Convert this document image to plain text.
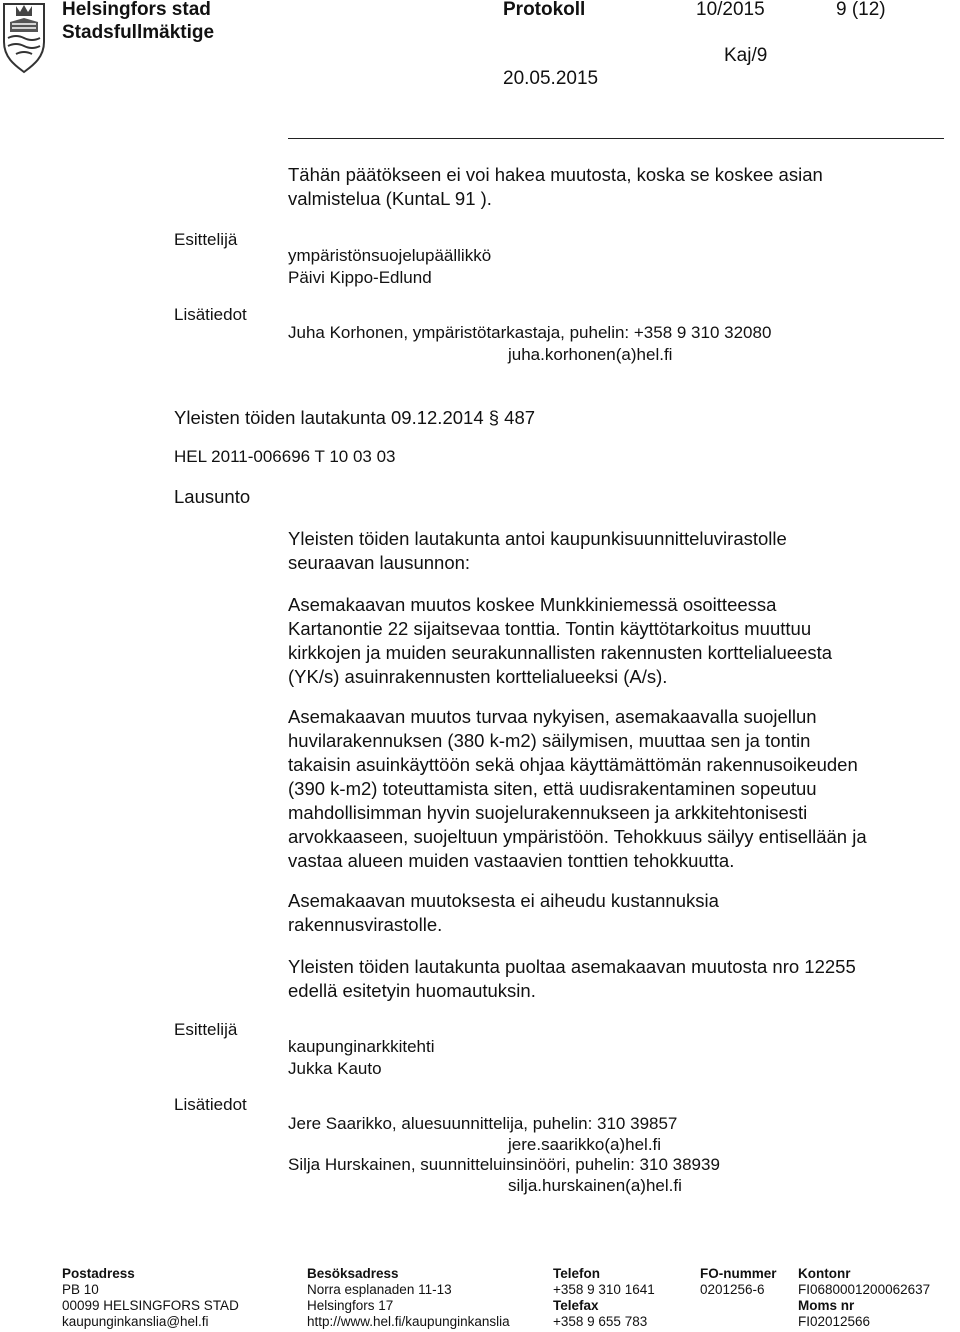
Helsingfors stad
Stadsfullmäktige
Protokoll	10/2015	9 (12)
Kaj/9
20.05.2015
Tähän päätökseen ei voi hakea muutosta, koska se koskee asian
valmistelua (KuntaL 91 ).
Esittelijä
ympäristönsuojelupäällikkö
Päivi Kippo-Edlund
Lisätiedot
Juha Korhonen, ympäristötarkastaja, puhelin: +358 9 310 32080
juha.korhonen(a)hel.fi
Yleisten töiden lautakunta 09.12.2014 § 487
HEL 2011-006696 T 10 03 03
Lausunto
Yleisten töiden lautakunta antoi kaupunkisuunnitteluvirastolle
seuraavan lausunnon:
Asemakaavan muutos koskee Munkkiniemessä osoitteessa
Kartanontie 22 sijaitsevaa tonttia. Tontin käyttötarkoitus muuttuu
kirkkojen ja muiden seurakunnallisten rakennusten korttelialueesta
(YK/s) asuinrakennusten korttelialueeksi (A/s).
Asemakaavan muutos turvaa nykyisen, asemakaavalla suojellun
huvilarakennuksen (380 k-m2) säilymisen, muuttaa sen ja tontin
takaisin asuinkäyttöön sekä ohjaa käyttämättömän rakennusoikeuden
(390 k-m2) toteuttamista siten, että uudisrakentaminen sopeutuu
mahdollisimman hyvin suojelurakennukseen ja arkkitehtonisesti
arvokkaaseen, suojeltuun ympäristöön. Tehokkuus säilyy entisellään ja
vastaa alueen muiden vastaavien tonttien tehokkuutta.
Asemakaavan muutoksesta ei aiheudu kustannuksia
rakennusvirastolle.
Yleisten töiden lautakunta puoltaa asemakaavan muutosta nro 12255
edellä esitetyin huomautuksin.
Esittelijä
kaupunginarkkitehti
Jukka Kauto
Lisätiedot
Jere Saarikko, aluesuunnittelija, puhelin: 310 39857
jere.saarikko(a)hel.fi
Silja Hurskainen, suunnitteluinsinööri, puhelin: 310 38939
silja.hurskainen(a)hel.fi
Postadress
PB 10
00099 HELSINGFORS STAD
kaupunginkanslia@hel.fi
Besöksadress
Norra esplanaden 11-13
Helsingfors 17
http://www.hel.fi/kaupunginkanslia
Telefon
+358 9 310 1641
Telefax
+358 9 655 783
FO-nummer
0201256-6
Kontonr
FI0680001200062637
Moms nr
FI02012566
